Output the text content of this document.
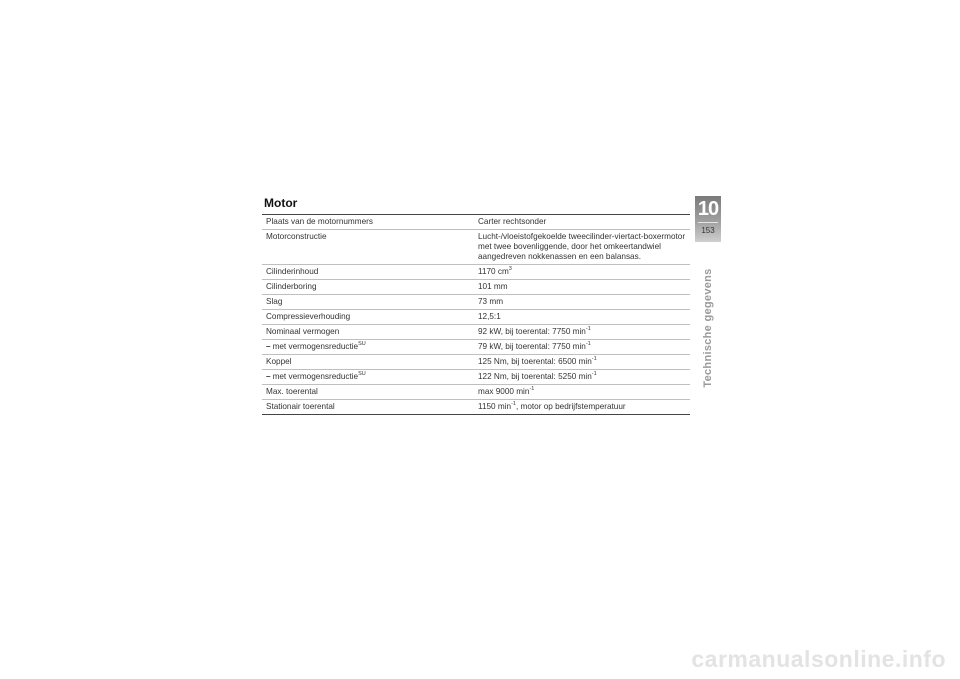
Motor
Plaats van de motornummers	Carter rechtsonder
Motorconstructie	Lucht-/vloeistofgekoelde tweecilinder-viertact-boxermotor met twee bovenliggende, door het omkeertandwiel aangedreven nokkenassen en een balansas.
Cilinderinhoud	1170 $cm^3$
Cilinderboring	101 mm
Slag	73 mm
Compressieverhouding	12,5:1
Nominaal vermogen	92 kW, bij toerental: 7750 $\min^{-1}$
– met vermogensreductie$^{SU}$	79 kW, bij toerental: 7750 $\min^{-1}$
Koppel	125 Nm, bij toerental: 6500 $\min^{-1}$
– met vermogensreductie$^{SU}$	122 Nm, bij toerental: 5250 $\min^{-1}$
Max. toerental	max 9000 $\min^{-1}$
Stationair toerental	1150 $\min^{-1}$, motor op bedrijfstemperatuur
10
153
Technische gegevens
carmanualsonline.info
